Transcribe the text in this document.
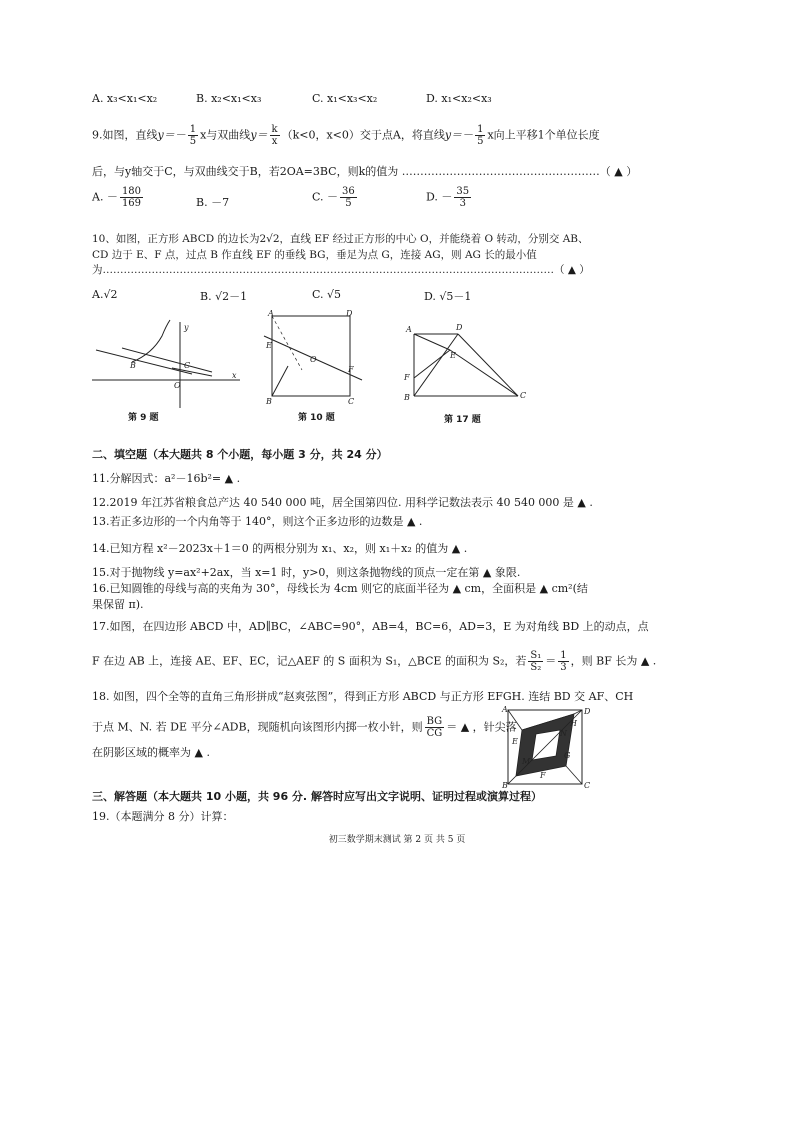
A. x₃<x₁<x₂	B. x₂<x₁<x₃	C. x₁<x₃<x₂	D. x₁<x₂<x₃
9.如图，直线$y=- \frac{1}{5}$ x与双曲线$y= \frac{k}{x} (k<0$，x<0）交于点A，将直线$y=- \frac{1}{5}$ x向上平移1个单位长度
后，与y轴交于C，与双曲线交于B，若2OA=3BC，则k的值为 ………………………………………………（ ▲ ）
A. － $\frac{180}{169}$	B. －7	C. － $\frac{36}{5}$	D. － $\frac{35}{3}$
10、如图，正方形 ABCD 的边长为2√2，直线 EF 经过正方形的中心 O，并能绕着 O 转动，分别交 AB、
CD 边于 E、F 点，过点 B 作直线 EF 的垂线 BG，垂足为点 G，连接 AG，则 AG 长的最小值
为…………………………………………………………………………………………………………………（ ▲ ）
A.√2	B. √2－1	C. √5	D. √5－1
y
x
C
O
B
第 9 题
A	D
E
F
B	C
O
第 10 题
A	D
E
F
B	C
第 17 题
二、填空题（本大题共 8 个小题，每小题 3 分，共 24 分）
11.分解因式：a²－16b²= ▲ .
12.2019 年江苏省粮食总产达 40 540 000 吨，居全国第四位. 用科学记数法表示 40 540 000 是 ▲ .
13.若正多边形的一个内角等于 140°，则这个正多边形的边数是 ▲ .
14.已知方程 x²－2023x＋1＝0 的两根分别为 x₁、x₂，则 x₁＋x₂ 的值为 ▲ .
15.对于抛物线 y=ax²+2ax，当 x=1 时，y>0，则这条抛物线的顶点一定在第 ▲ 象限.
16.已知圆锥的母线与高的夹角为 30°，母线长为 4cm 则它的底面半径为 ▲ cm，全面积是 ▲ cm²(结
果保留 π).
17.如图，在四边形 ABCD 中，AD∥BC，∠ABC=90°，AB=4，BC=6，AD=3，E 为对角线 BD 上的动点，点
F 在边 AB 上，连接 AE、EF、EC，记△AEF 的 S 面积为 S₁，△BCE 的面积为 S₂，若 $\frac{\text{S₁}}{\text{S₂}} = \frac{1}{3}$ ，则 BF 长为 ▲ .
18. 如图，四个全等的直角三角形拼成“赵爽弦图”，得到正方形 ABCD 与正方形 EFGH. 连结 BD 交 AF、CH
于点 M、N. 若 DE 平分∠ADB，现随机向该图形内掷一枚小针，则 $\frac{BG}{CG}$ ＝ ▲ ，针尖落
在阴影区域的概率为 ▲ .
A	D
B	C
E
F
G
H
M
N
三、解答题（本大题共 10 小题，共 96 分. 解答时应写出文字说明、证明过程或演算过程）
19.（本题满分 8 分）计算：
初三数学期末测试 第 2 页 共 5 页
